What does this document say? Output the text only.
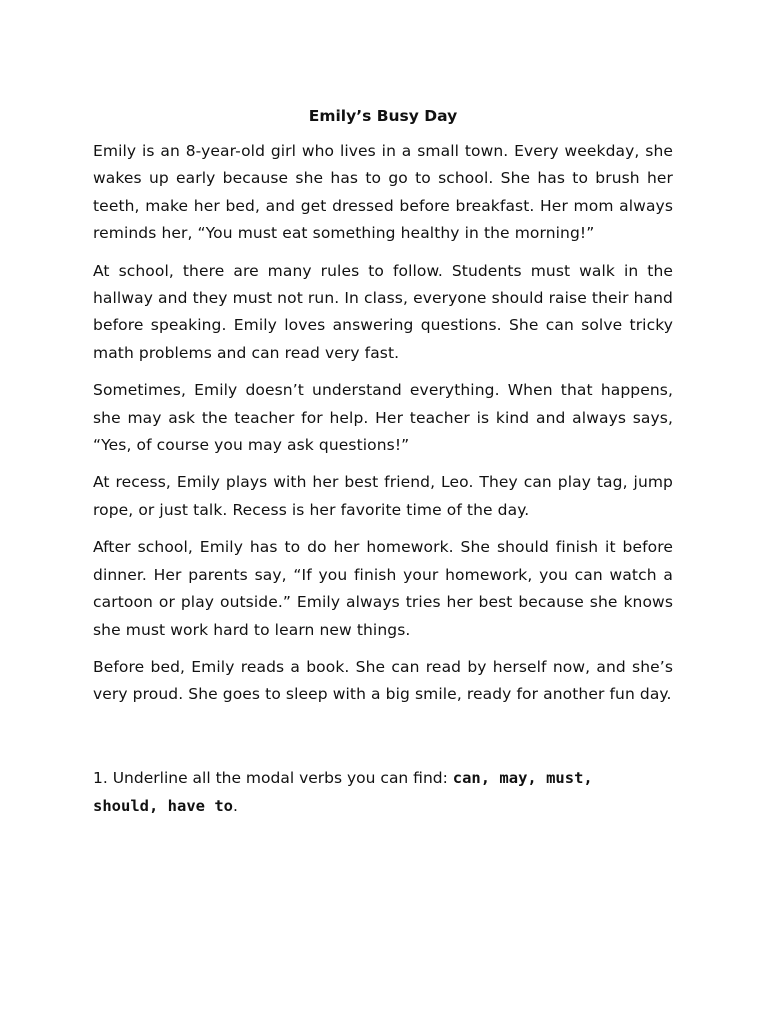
Emily’s Busy Day

Emily is an 8-year-old girl who lives in a small town. Every weekday, she wakes up early because she has to go to school. She has to brush her teeth, make her bed, and get dressed before breakfast. Her mom always reminds her, “You must eat something healthy in the morning!”

At school, there are many rules to follow. Students must walk in the hallway and they must not run. In class, everyone should raise their hand before speaking. Emily loves answering questions. She can solve tricky math problems and can read very fast.

Sometimes, Emily doesn’t understand everything. When that happens, she may ask the teacher for help. Her teacher is kind and always says, “Yes, of course you may ask questions!”

At recess, Emily plays with her best friend, Leo. They can play tag, jump rope, or just talk. Recess is her favorite time of the day.

After school, Emily has to do her homework. She should finish it before dinner. Her parents say, “If you finish your homework, you can watch a cartoon or play outside.” Emily always tries her best because she knows she must work hard to learn new things.

Before bed, Emily reads a book. She can read by herself now, and she’s very proud. She goes to sleep with a big smile, ready for another fun day.

1. Underline all the modal verbs you can find: can, may, must, should, have to.
